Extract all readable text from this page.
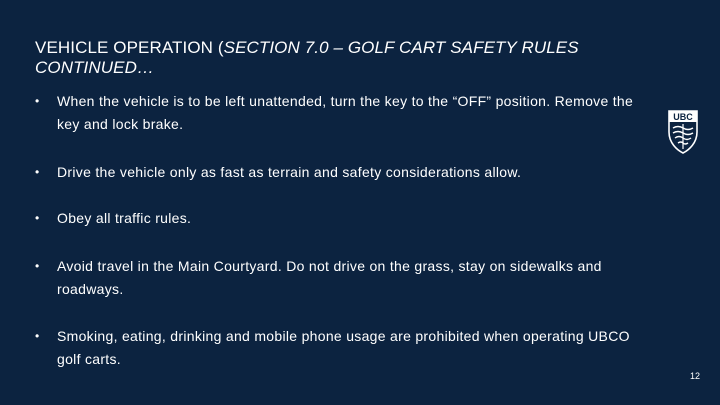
VEHICLE OPERATION (SECTION 7.0 – GOLF CART SAFETY RULES CONTINUED…
•	When the vehicle is to be left unattended, turn the key to the “OFF” position. Remove the key and lock brake.
•	Drive the vehicle only as fast as terrain and safety considerations allow.
•	Obey all traffic rules.
•	Avoid travel in the Main Courtyard. Do not drive on the grass, stay on sidewalks and roadways.
•	Smoking, eating, drinking and mobile phone usage are prohibited when operating UBCO golf carts.
UBC
12
